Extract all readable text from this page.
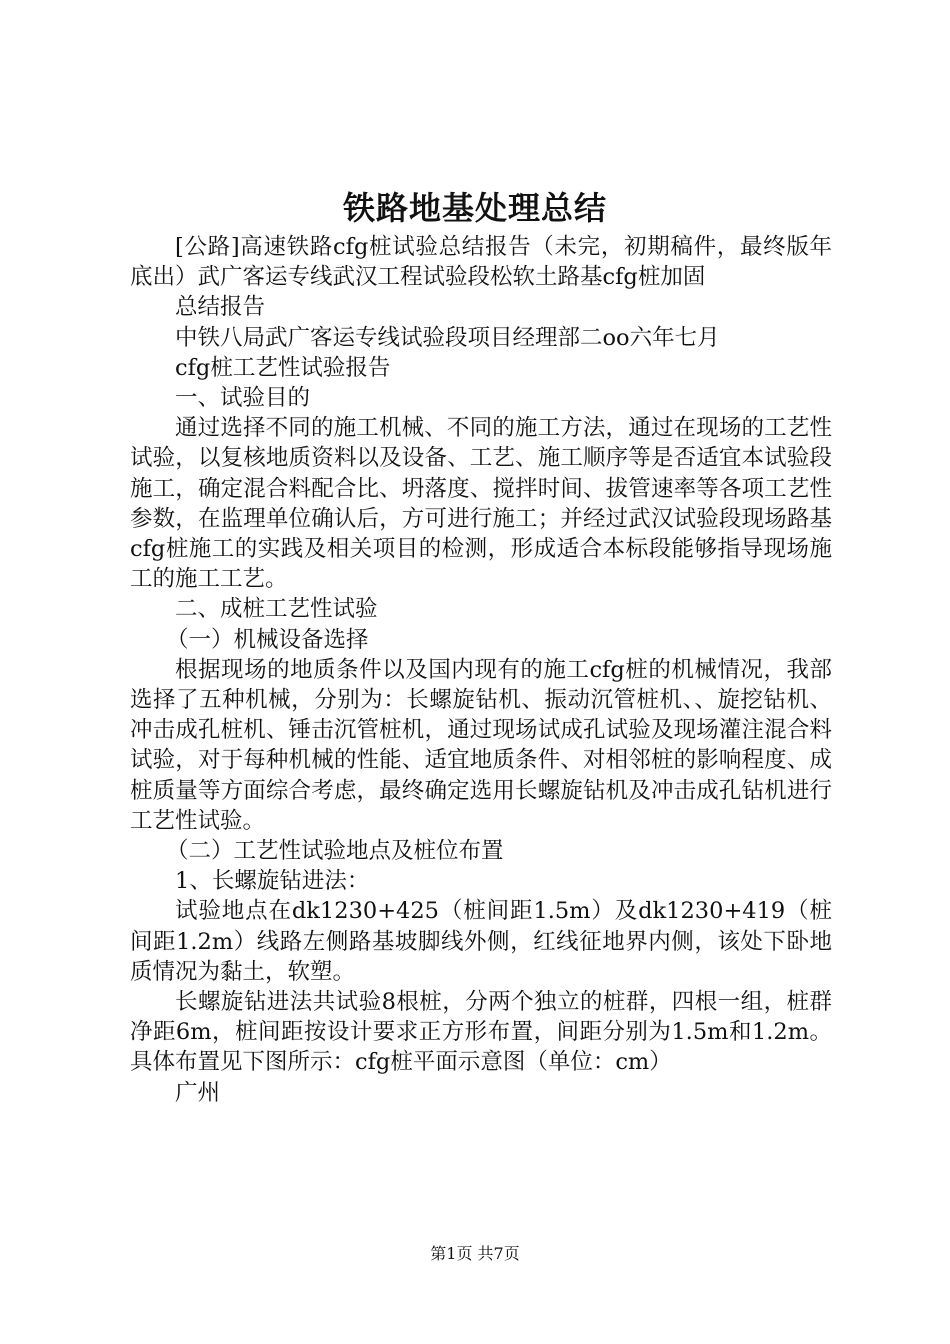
铁路地基处理总结

[公路]高速铁路cfg桩试验总结报告（未完，初期稿件，最终版年底出）武广客运专线武汉工程试验段松软土路基cfg桩加固

总结报告

中铁八局武广客运专线试验段项目经理部二oo六年七月

cfg桩工艺性试验报告

一、试验目的

通过选择不同的施工机械、不同的施工方法，通过在现场的工艺性试验，以复核地质资料以及设备、工艺、施工顺序等是否适宜本试验段施工，确定混合料配合比、坍落度、搅拌时间、拔管速率等各项工艺性参数，在监理单位确认后，方可进行施工；并经过武汉试验段现场路基cfg桩施工的实践及相关项目的检测，形成适合本标段能够指导现场施工的施工工艺。

二、成桩工艺性试验

（一）机械设备选择

根据现场的地质条件以及国内现有的施工cfg桩的机械情况，我部选择了五种机械，分别为：长螺旋钻机、振动沉管桩机、、旋挖钻机、冲击成孔桩机、锤击沉管桩机，通过现场试成孔试验及现场灌注混合料试验，对于每种机械的性能、适宜地质条件、对相邻桩的影响程度、成桩质量等方面综合考虑，最终确定选用长螺旋钻机及冲击成孔钻机进行工艺性试验。

（二）工艺性试验地点及桩位布置

1、长螺旋钻进法：

试验地点在dk1230+425（桩间距1.5m）及dk1230+419（桩间距1.2m）线路左侧路基坡脚线外侧，红线征地界内侧，该处下卧地质情况为黏土，软塑。

长螺旋钻进法共试验8根桩，分两个独立的桩群，四根一组，桩群净距6m，桩间距按设计要求正方形布置，间距分别为1.5m和1.2m。具体布置见下图所示：cfg桩平面示意图（单位：cm）

广州

第1页 共7页
